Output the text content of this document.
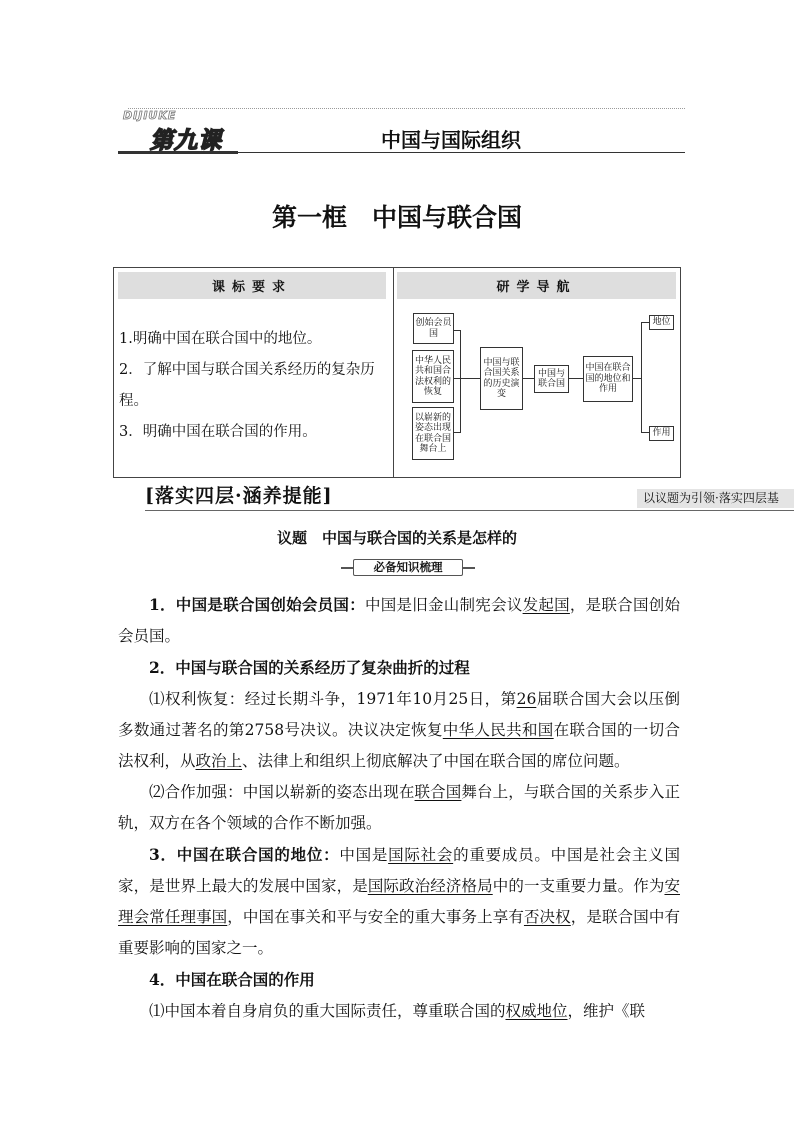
DIJIUKE
第九课	中国与国际组织
第一框　中国与联合国
课标要求	研学导航
1.明确中国在联合国中的地位。
2．了解中国与联合国关系经历的复杂历程。
3．明确中国在联合国的作用。
创始会员国
中华人民共和国合法权利的恢复
以崭新的姿态出现在联合国舞台上
中国与联合国关系的历史演变
中国与联合国
中国在联合国的地位和作用
地位
作用
[落实四层·涵养提能]	以议题为引领·落实四层基
议题　 中国与联合国的关系是怎样的
必备知识梳理

1．中国是联合国创始会员国：中国是旧金山制宪会议发起国，是联合国创始会员国。

2．中国与联合国的关系经历了复杂曲折的过程

⑴权利恢复：经过长期斗争，1971年10月25日，第26届联合国大会以压倒多数通过著名的第2758号决议。决议决定恢复中华人民共和国在联合国的一切合法权利，从政治上、法律上和组织上彻底解决了中国在联合国的席位问题。

⑵合作加强：中国以崭新的姿态出现在联合国舞台上，与联合国的关系步入正轨，双方在各个领域的合作不断加强。

3．中国在联合国的地位：中国是国际社会的重要成员。中国是社会主义国家，是世界上最大的发展中国家，是国际政治经济格局中的一支重要力量。作为安理会常任理事国，中国在事关和平与安全的重大事务上享有否决权，是联合国中有重要影响的国家之一。

4．中国在联合国的作用

⑴中国本着自身肩负的重大国际责任，尊重联合国的权威地位，维护《联
